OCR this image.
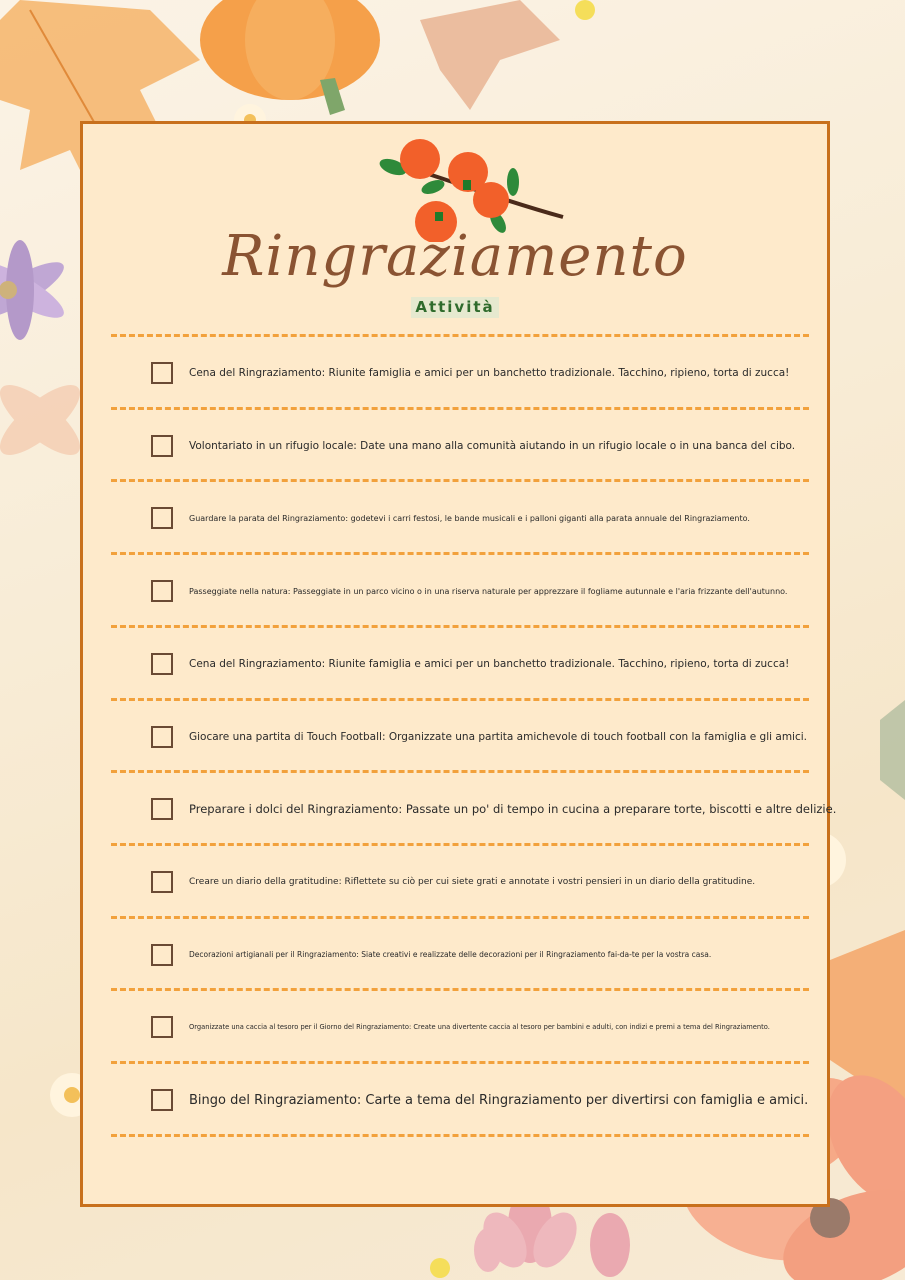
Ringraziamento
Attività
Cena del Ringraziamento: Riunite famiglia e amici per un banchetto tradizionale. Tacchino, ripieno, torta di zucca!
Volontariato in un rifugio locale: Date una mano alla comunità aiutando in un rifugio locale o in una banca del cibo.
Guardare la parata del Ringraziamento: godetevi i carri festosi, le bande musicali e i palloni giganti alla parata annuale del Ringraziamento.
Passeggiate nella natura: Passeggiate in un parco vicino o in una riserva naturale per apprezzare il fogliame autunnale e l'aria frizzante dell'autunno.
Cena del Ringraziamento: Riunite famiglia e amici per un banchetto tradizionale. Tacchino, ripieno, torta di zucca!
Giocare una partita di Touch Football: Organizzate una partita amichevole di touch football con la famiglia e gli amici.
Preparare i dolci del Ringraziamento: Passate un po' di tempo in cucina a preparare torte, biscotti e altre delizie.
Creare un diario della gratitudine: Riflettete su ciò per cui siete grati e annotate i vostri pensieri in un diario della gratitudine.
Decorazioni artigianali per il Ringraziamento: Siate creativi e realizzate delle decorazioni per il Ringraziamento fai-da-te per la vostra casa.
Organizzate una caccia al tesoro per il Giorno del Ringraziamento: Create una divertente caccia al tesoro per bambini e adulti, con indizi e premi a tema del Ringraziamento.
Bingo del Ringraziamento: Carte a tema del Ringraziamento per divertirsi con famiglia e amici.
